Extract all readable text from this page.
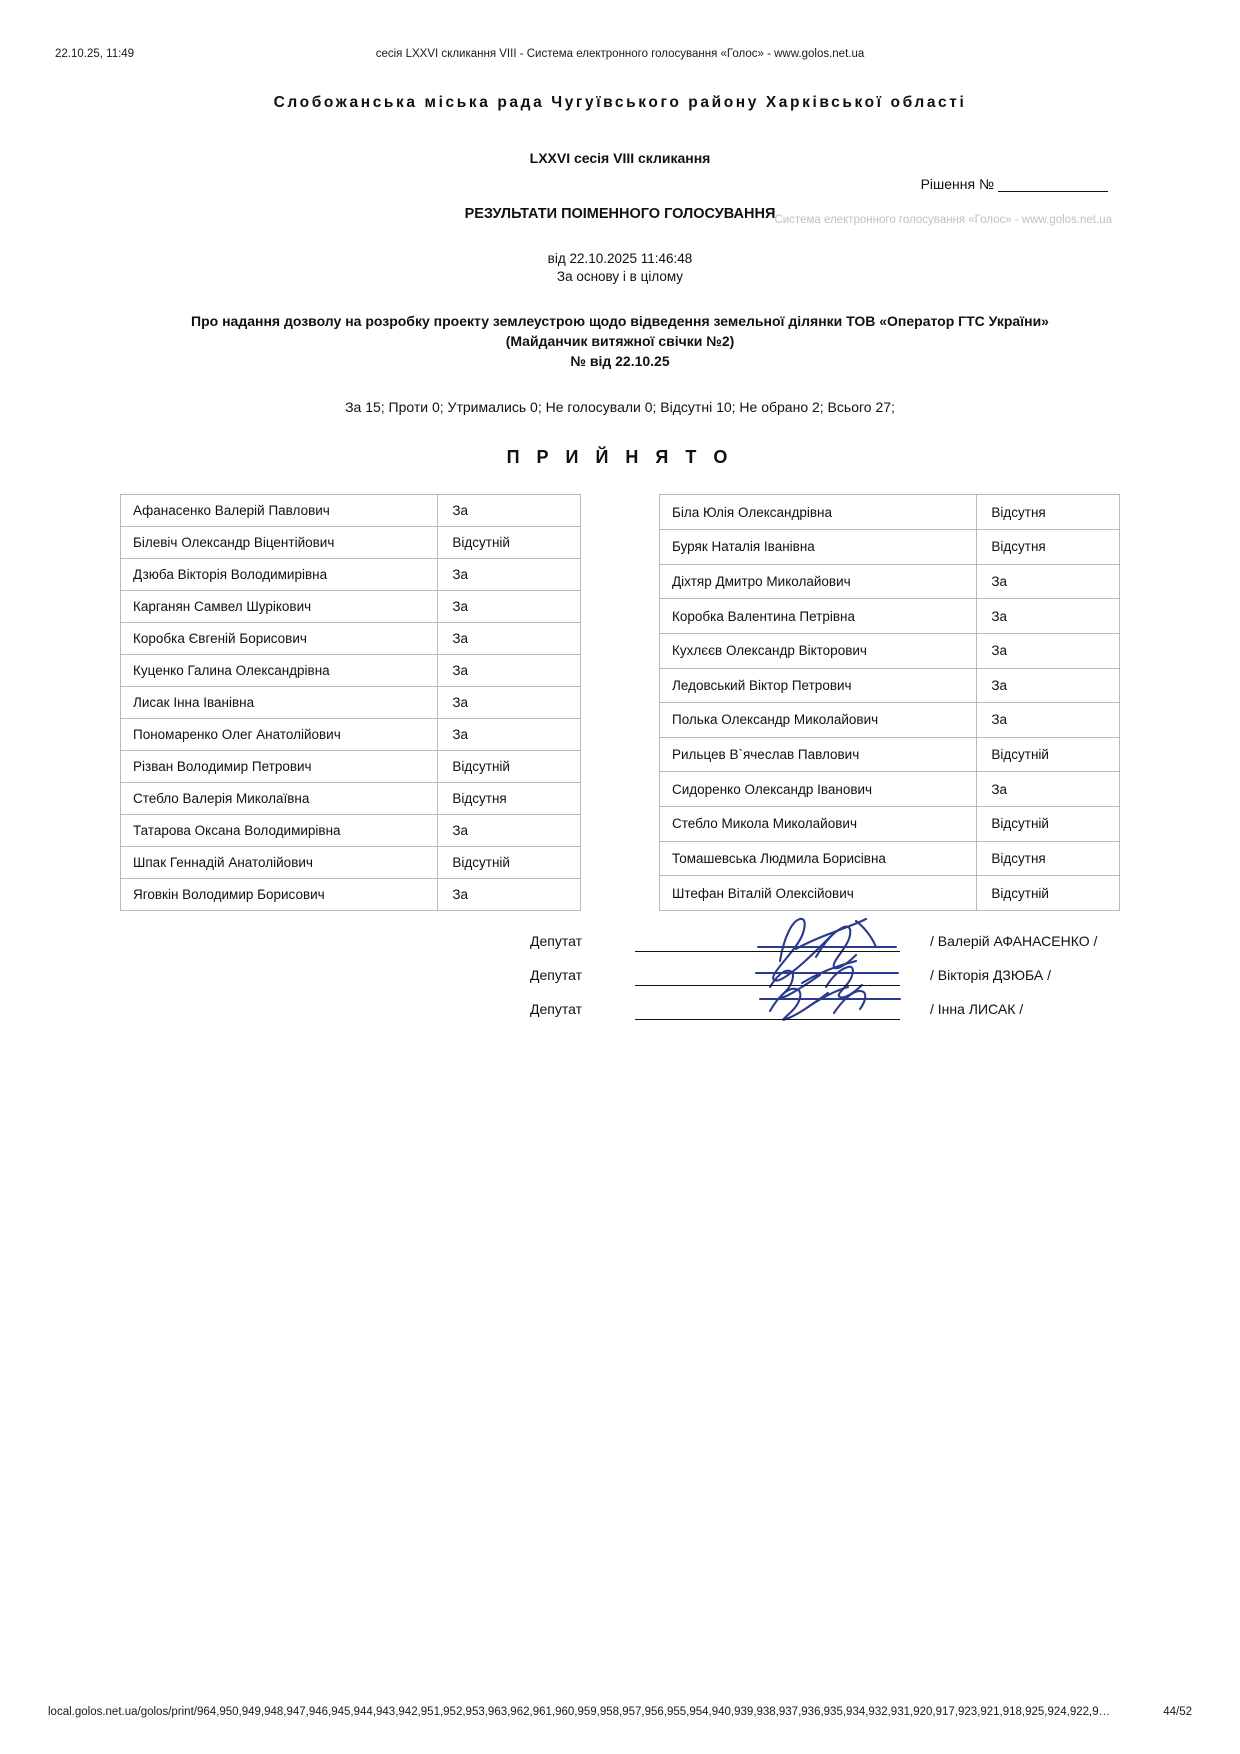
22.10.25, 11:49	сесія LXXVI скликання VIII - Система електронного голосування «Голос» - www.golos.net.ua
Слобожанська міська рада Чугуївського району Харківської області
LXXVI сесія VIII скликання
Рішення №
РЕЗУЛЬТАТИ ПОІМЕННОГО ГОЛОСУВАННЯ
від 22.10.2025 11:46:48
За основу і в цілому
Про надання дозволу на розробку проекту землеустрою щодо відведення земельної ділянки ТОВ «Оператор ГТС України»
(Майданчик витяжної свічки №2)
№ від 22.10.25
За 15; Проти 0; Утримались 0; Не голосували 0; Відсутні 10; Не обрано 2; Всього 27;
П Р И Й Н Я Т О
Афанасенко Валерій Павлович	За
Білевіч Олександр Віцентійович	Відсутній
Дзюба Вікторія Володимирівна	За
Карганян Самвел Шурікович	За
Коробка Євгеній Борисович	За
Куценко Галина Олександрівна	За
Лисак Інна Іванівна	За
Пономаренко Олег Анатолійович	За
Різван Володимир Петрович	Відсутній
Стебло Валерія Миколаївна	Відсутня
Татарова Оксана Володимирівна	За
Шпак Геннадій Анатолійович	Відсутній
Яговкін Володимир Борисович	За
Біла Юлія Олександрівна	Відсутня
Буряк Наталія Іванівна	Відсутня
Діхтяр Дмитро Миколайович	За
Коробка Валентина Петрівна	За
Кухлєєв Олександр Вікторович	За
Ледовський Віктор Петрович	За
Полька Олександр Миколайович	За
Рильцев В`ячеслав Павлович	Відсутній
Сидоренко Олександр Іванович	За
Стебло Микола Миколайович	Відсутній
Томашевська Людмила Борисівна	Відсутня
Штефан Віталій Олексійович	Відсутній
Депутат	/ Валерій АФАНАСЕНКО /
Депутат	/ Вікторія ДЗЮБА /
Депутат	/ Інна ЛИСАК /
Система електронного голосування «Голос» - www.golos.net.ua
local.golos.net.ua/golos/print/964,950,949,948,947,946,945,944,943,942,951,952,953,963,962,961,960,959,958,957,956,955,954,940,939,938,937,936,935,934,932,931,920,917,923,921,918,925,924,922,9…	44/52
